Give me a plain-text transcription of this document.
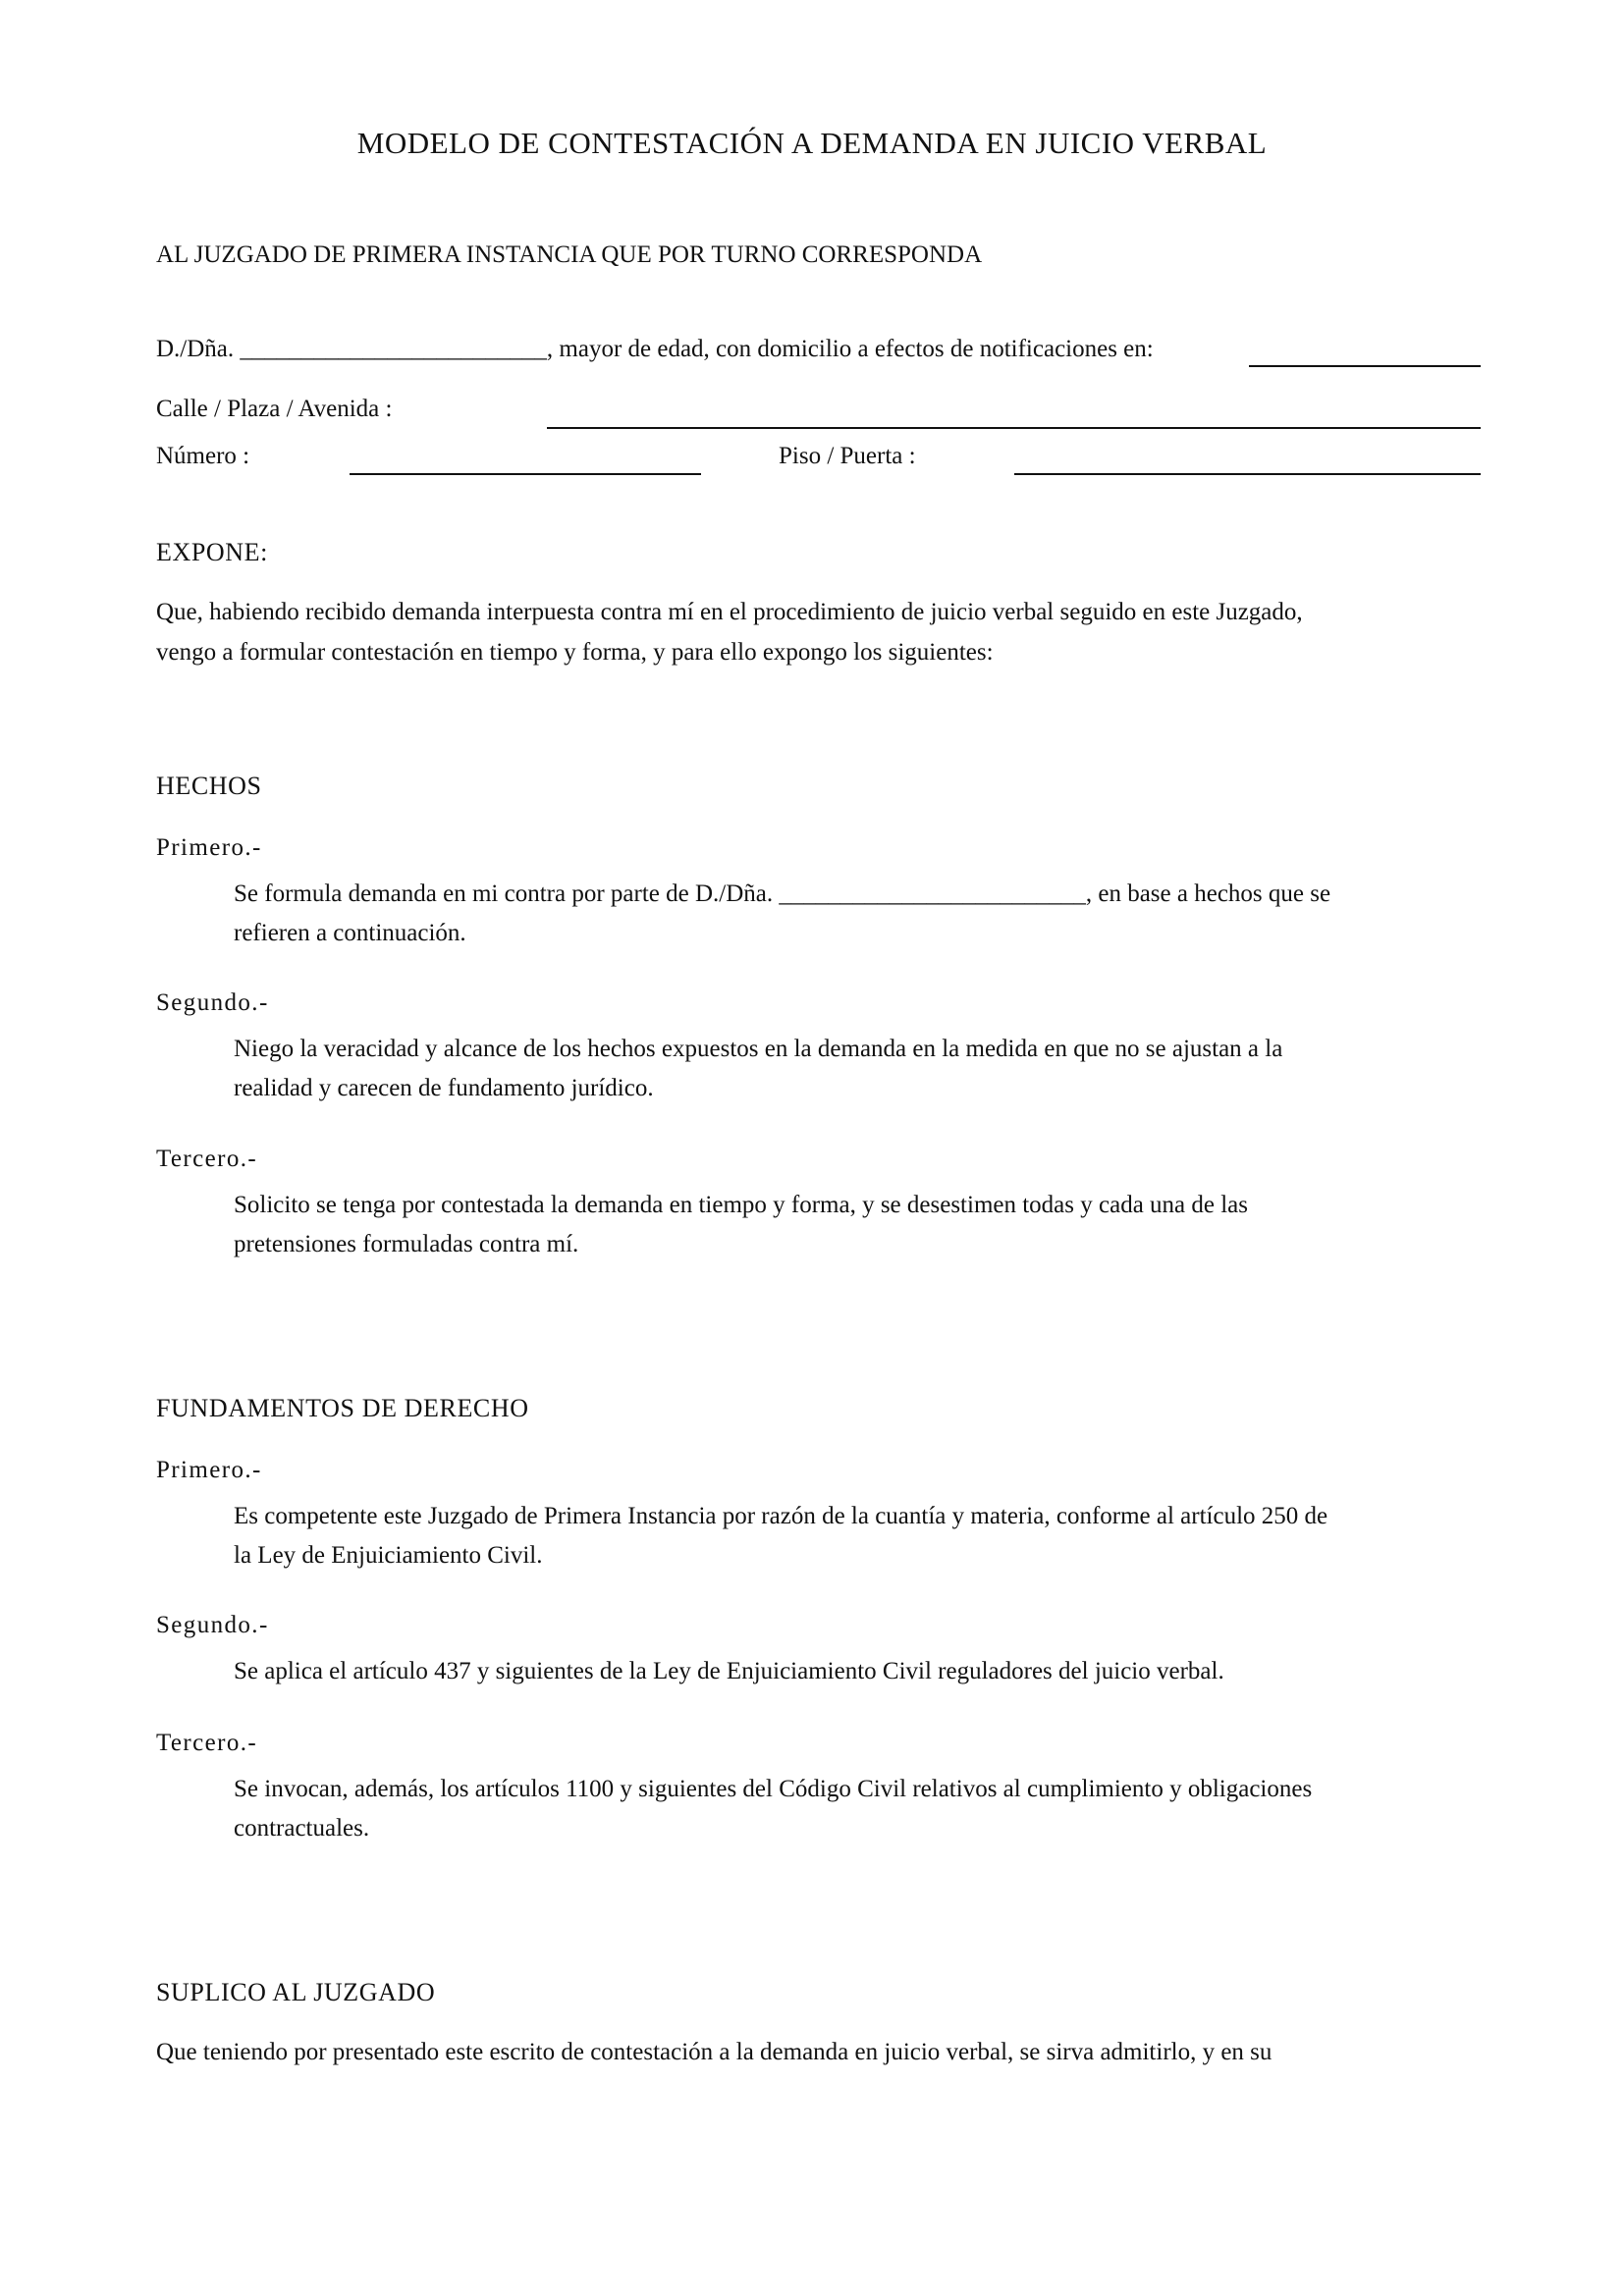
MODELO DE CONTESTACIÓN A DEMANDA EN JUICIO VERBAL
AL JUZGADO DE PRIMERA INSTANCIA QUE POR TURNO CORRESPONDA
D./Dña. _________________________, mayor de edad, con domicilio a efectos de notificaciones en:
Calle / Plaza / Avenida :
Número :	Piso / Puerta :
EXPONE:
Que, habiendo recibido demanda interpuesta contra mí en el procedimiento de juicio verbal seguido en este Juzgado,
vengo a formular contestación en tiempo y forma, y para ello expongo los siguientes:
HECHOS
Primero.-
Se formula demanda en mi contra por parte de D./Dña. _________________________, en base a hechos que se
refieren a continuación.
Segundo.-
Niego la veracidad y alcance de los hechos expuestos en la demanda en la medida en que no se ajustan a la
realidad y carecen de fundamento jurídico.
Tercero.-
Solicito se tenga por contestada la demanda en tiempo y forma, y se desestimen todas y cada una de las
pretensiones formuladas contra mí.
FUNDAMENTOS DE DERECHO
Primero.-
Es competente este Juzgado de Primera Instancia por razón de la cuantía y materia, conforme al artículo 250 de
la Ley de Enjuiciamiento Civil.
Segundo.-
Se aplica el artículo 437 y siguientes de la Ley de Enjuiciamiento Civil reguladores del juicio verbal.
Tercero.-
Se invocan, además, los artículos 1100 y siguientes del Código Civil relativos al cumplimiento y obligaciones
contractuales.
SUPLICO AL JUZGADO
Que teniendo por presentado este escrito de contestación a la demanda en juicio verbal, se sirva admitirlo, y en su
